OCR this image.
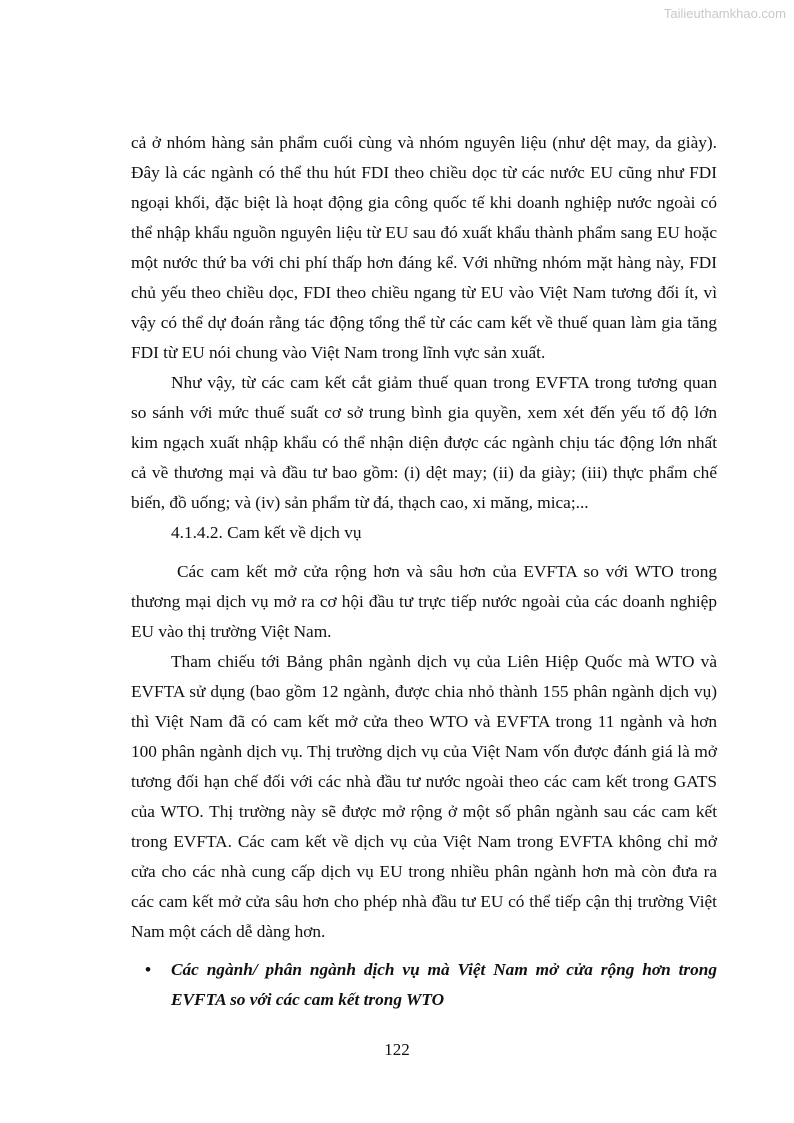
Tailieuthamkhao.com
cả ở nhóm hàng sản phẩm cuối cùng và nhóm nguyên liệu (như dệt may, da giày).
Đây là các ngành có thể thu hút FDI theo chiều dọc từ các nước EU cũng như FDI
ngoại khối, đặc biệt là hoạt động gia công quốc tế khi doanh nghiệp nước ngoài có
thể nhập khẩu nguồn nguyên liệu từ EU sau đó xuất khẩu thành phẩm sang EU hoặc
một nước thứ ba với chi phí thấp hơn đáng kể. Với những nhóm mặt hàng này, FDI
chủ yếu theo chiều dọc, FDI theo chiều ngang từ EU vào Việt Nam tương đối ít, vì
vậy có thể dự đoán rằng tác động tổng thể từ các cam kết về thuế quan làm gia tăng
FDI từ EU nói chung vào Việt Nam trong lĩnh vực sản xuất.
Như vậy, từ các cam kết cắt giảm thuế quan trong EVFTA trong tương quan
so sánh với mức thuế suất cơ sở trung bình gia quyền, xem xét đến yếu tố độ lớn
kim ngạch xuất nhập khẩu có thể nhận diện được các ngành chịu tác động lớn nhất
cả về thương mại và đầu tư bao gồm: (i) dệt may; (ii) da giày; (iii) thực phẩm chế
biến, đồ uống; và (iv) sản phẩm từ đá, thạch cao, xi măng, mica;...
4.1.4.2. Cam kết về dịch vụ
Các cam kết mở cửa rộng hơn và sâu hơn của EVFTA so với WTO trong
thương mại dịch vụ mở ra cơ hội đầu tư trực tiếp nước ngoài của các doanh nghiệp
EU vào thị trường Việt Nam.
Tham chiếu tới Bảng phân ngành dịch vụ của Liên Hiệp Quốc mà WTO và
EVFTA sử dụng (bao gồm 12 ngành, được chia nhỏ thành 155 phân ngành dịch vụ)
thì Việt Nam đã có cam kết mở cửa theo WTO và EVFTA trong 11 ngành và hơn
100 phân ngành dịch vụ. Thị trường dịch vụ của Việt Nam vốn được đánh giá là mở
tương đối hạn chế đối với các nhà đầu tư nước ngoài theo các cam kết trong GATS
của WTO. Thị trường này sẽ được mở rộng ở một số phân ngành sau các cam kết
trong EVFTA. Các cam kết về dịch vụ của Việt Nam trong EVFTA không chỉ mở
cửa cho các nhà cung cấp dịch vụ EU trong nhiều phân ngành hơn mà còn đưa ra
các cam kết mở cửa sâu hơn cho phép nhà đầu tư EU có thể tiếp cận thị trường Việt
Nam một cách dễ dàng hơn.
• Các ngành/ phân ngành dịch vụ mà Việt Nam mở cửa rộng hơn trong
EVFTA so với các cam kết trong WTO
122
